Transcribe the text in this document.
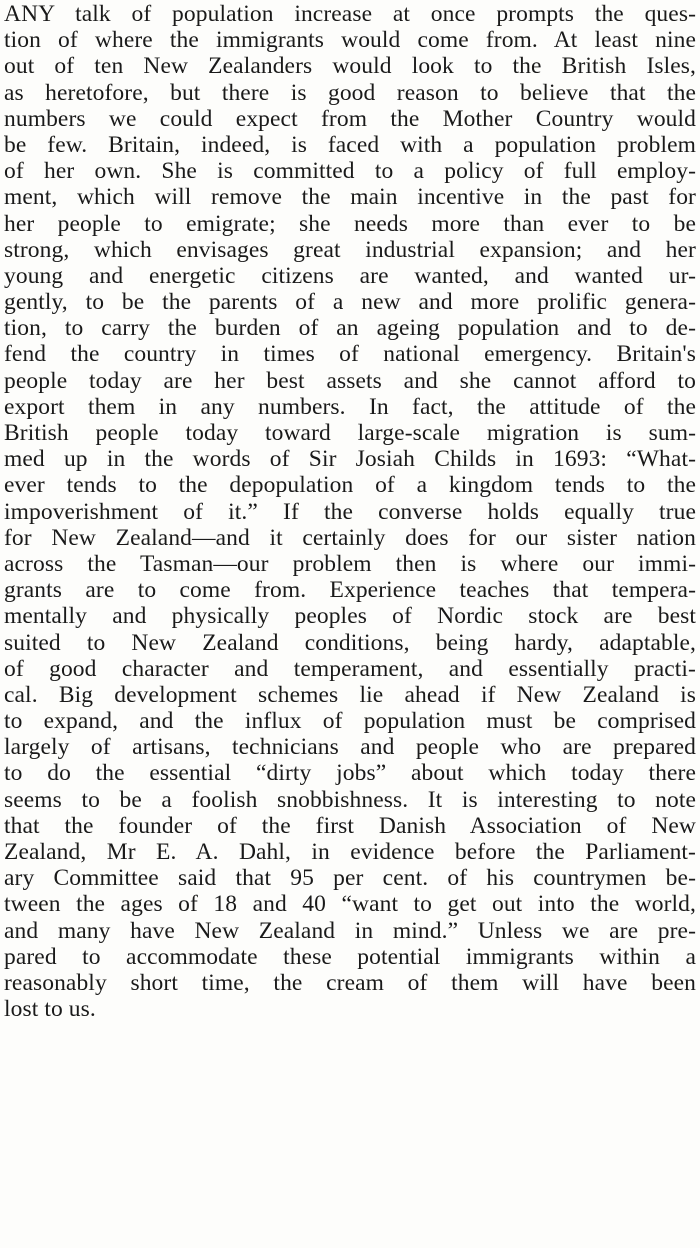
ANY talk of population increase at once prompts the ques-
tion of where the immigrants would come from. At least nine
out of ten New Zealanders would look to the British Isles,
as heretofore, but there is good reason to believe that the
numbers we could expect from the Mother Country would
be few. Britain, indeed, is faced with a population problem
of her own. She is committed to a policy of full employ-
ment, which will remove the main incentive in the past for
her people to emigrate; she needs more than ever to be
strong, which envisages great industrial expansion; and her
young and energetic citizens are wanted, and wanted ur-
gently, to be the parents of a new and more prolific genera-
tion, to carry the burden of an ageing population and to de-
fend the country in times of national emergency. Britain's
people today are her best assets and she cannot afford to
export them in any numbers. In fact, the attitude of the
British people today toward large-scale migration is sum-
med up in the words of Sir Josiah Childs in 1693: “What-
ever tends to the depopulation of a kingdom tends to the
impoverishment of it.” If the converse holds equally true
for New Zealand—and it certainly does for our sister nation
across the Tasman—our problem then is where our immi-
grants are to come from. Experience teaches that tempera-
mentally and physically peoples of Nordic stock are best
suited to New Zealand conditions, being hardy, adaptable,
of good character and temperament, and essentially practi-
cal. Big development schemes lie ahead if New Zealand is
to expand, and the influx of population must be comprised
largely of artisans, technicians and people who are prepared
to do the essential “dirty jobs” about which today there
seems to be a foolish snobbishness. It is interesting to note
that the founder of the first Danish Association of New
Zealand, Mr E. A. Dahl, in evidence before the Parliament-
ary Committee said that 95 per cent. of his countrymen be-
tween the ages of 18 and 40 “want to get out into the world,
and many have New Zealand in mind.” Unless we are pre-
pared to accommodate these potential immigrants within a
reasonably short time, the cream of them will have been
lost to us.
